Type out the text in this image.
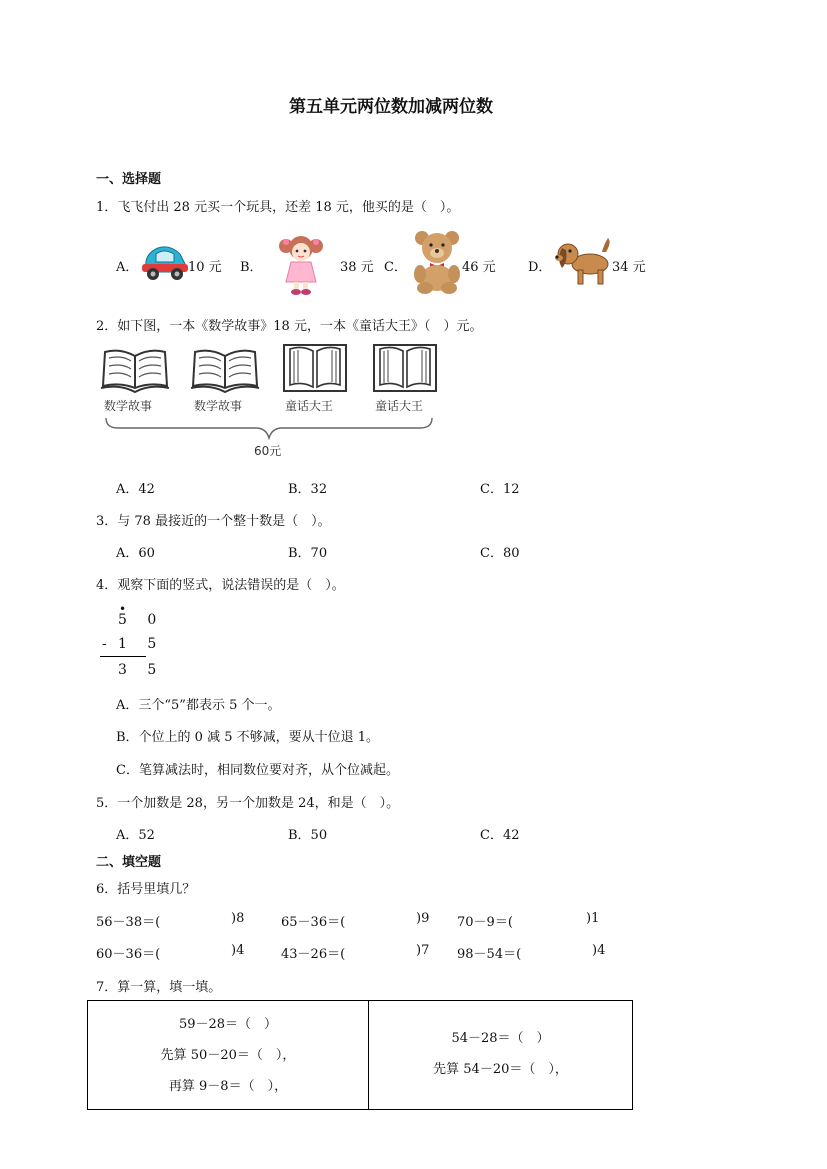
第五单元两位数加减两位数
一、选择题
1．飞飞付出 28 元买一个玩具，还差 18 元，他买的是（　）。
A．	10 元 B．	38 元 C．	46 元 D．	34 元
2．如下图，一本《数学故事》18 元，一本《童话大王》（　）元。
数学故事	数学故事	童话大王	童话大王
60元
A．42	B．32	C．12
3．与 78 最接近的一个整十数是（　）。
A．60	B．70	C．80
4．观察下面的竖式，说法错误的是（　）。
•
5 0
- 1 5
3 5
A．三个“5”都表示 5 个一。
B．个位上的 0 减 5 不够减，要从十位退 1。
C．笔算减法时，相同数位要对齐，从个位减起。
5．一个加数是 28，另一个加数是 24，和是（　）。
A．52	B．50	C．42
二、填空题
6．括号里填几？
56－38＝(	)8	65－36＝(	)9 70－9＝(	)1
60－36＝(	)4	43－26＝(	)7 98－54＝(	)4
7．算一算，填一填。
59－28＝（　）
先算 50－20＝（　），
再算 9－8＝（　），

54－28＝（　）
先算 54－20＝（　），
